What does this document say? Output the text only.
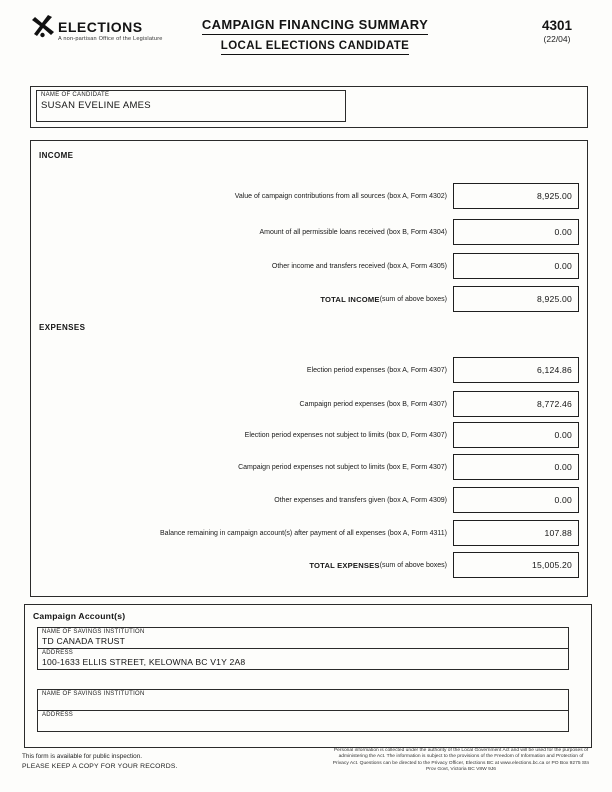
ELECTIONS
A non-partisan Office of the Legislature
CAMPAIGN FINANCING SUMMARY
LOCAL ELECTIONS CANDIDATE
4301
(22/04)
NAME OF CANDIDATE
SUSAN EVELINE AMES
INCOME
EXPENSES
Value of campaign contributions from all sources (box A, Form 4302)	8,925.00
Amount of all permissible loans received (box B, Form 4304)	0.00
Other income and transfers received (box A, Form 4305)	0.00
TOTAL INCOME (sum of above boxes)	8,925.00
Election period expenses (box A, Form 4307)	6,124.86
Campaign period expenses (box B, Form 4307)	8,772.46
Election period expenses not subject to limits (box D, Form 4307)	0.00
Campaign period expenses not subject to limits (box E, Form 4307)	0.00
Other expenses and transfers given (box A, Form 4309)	0.00
Balance remaining in campaign account(s) after payment of all expenses (box A, Form 4311)	107.88
TOTAL EXPENSES (sum of above boxes)	15,005.20
Campaign Account(s)
NAME OF SAVINGS INSTITUTION
TD CANADA TRUST
ADDRESS
100-1633 ELLIS STREET, KELOWNA BC V1Y 2A8
NAME OF SAVINGS INSTITUTION
ADDRESS
This form is available for public inspection.
PLEASE KEEP A COPY FOR YOUR RECORDS.
Personal information is collected under the authority of the Local Government Act and will be used for the purposes of administering the Act. The information is subject to the provisions of the Freedom of Information and Protection of Privacy Act. Questions can be directed to the Privacy Officer, Elections BC at www.elections.bc.ca or PO Box 9275 Stn Prov Govt, Victoria BC V8W 9J6
